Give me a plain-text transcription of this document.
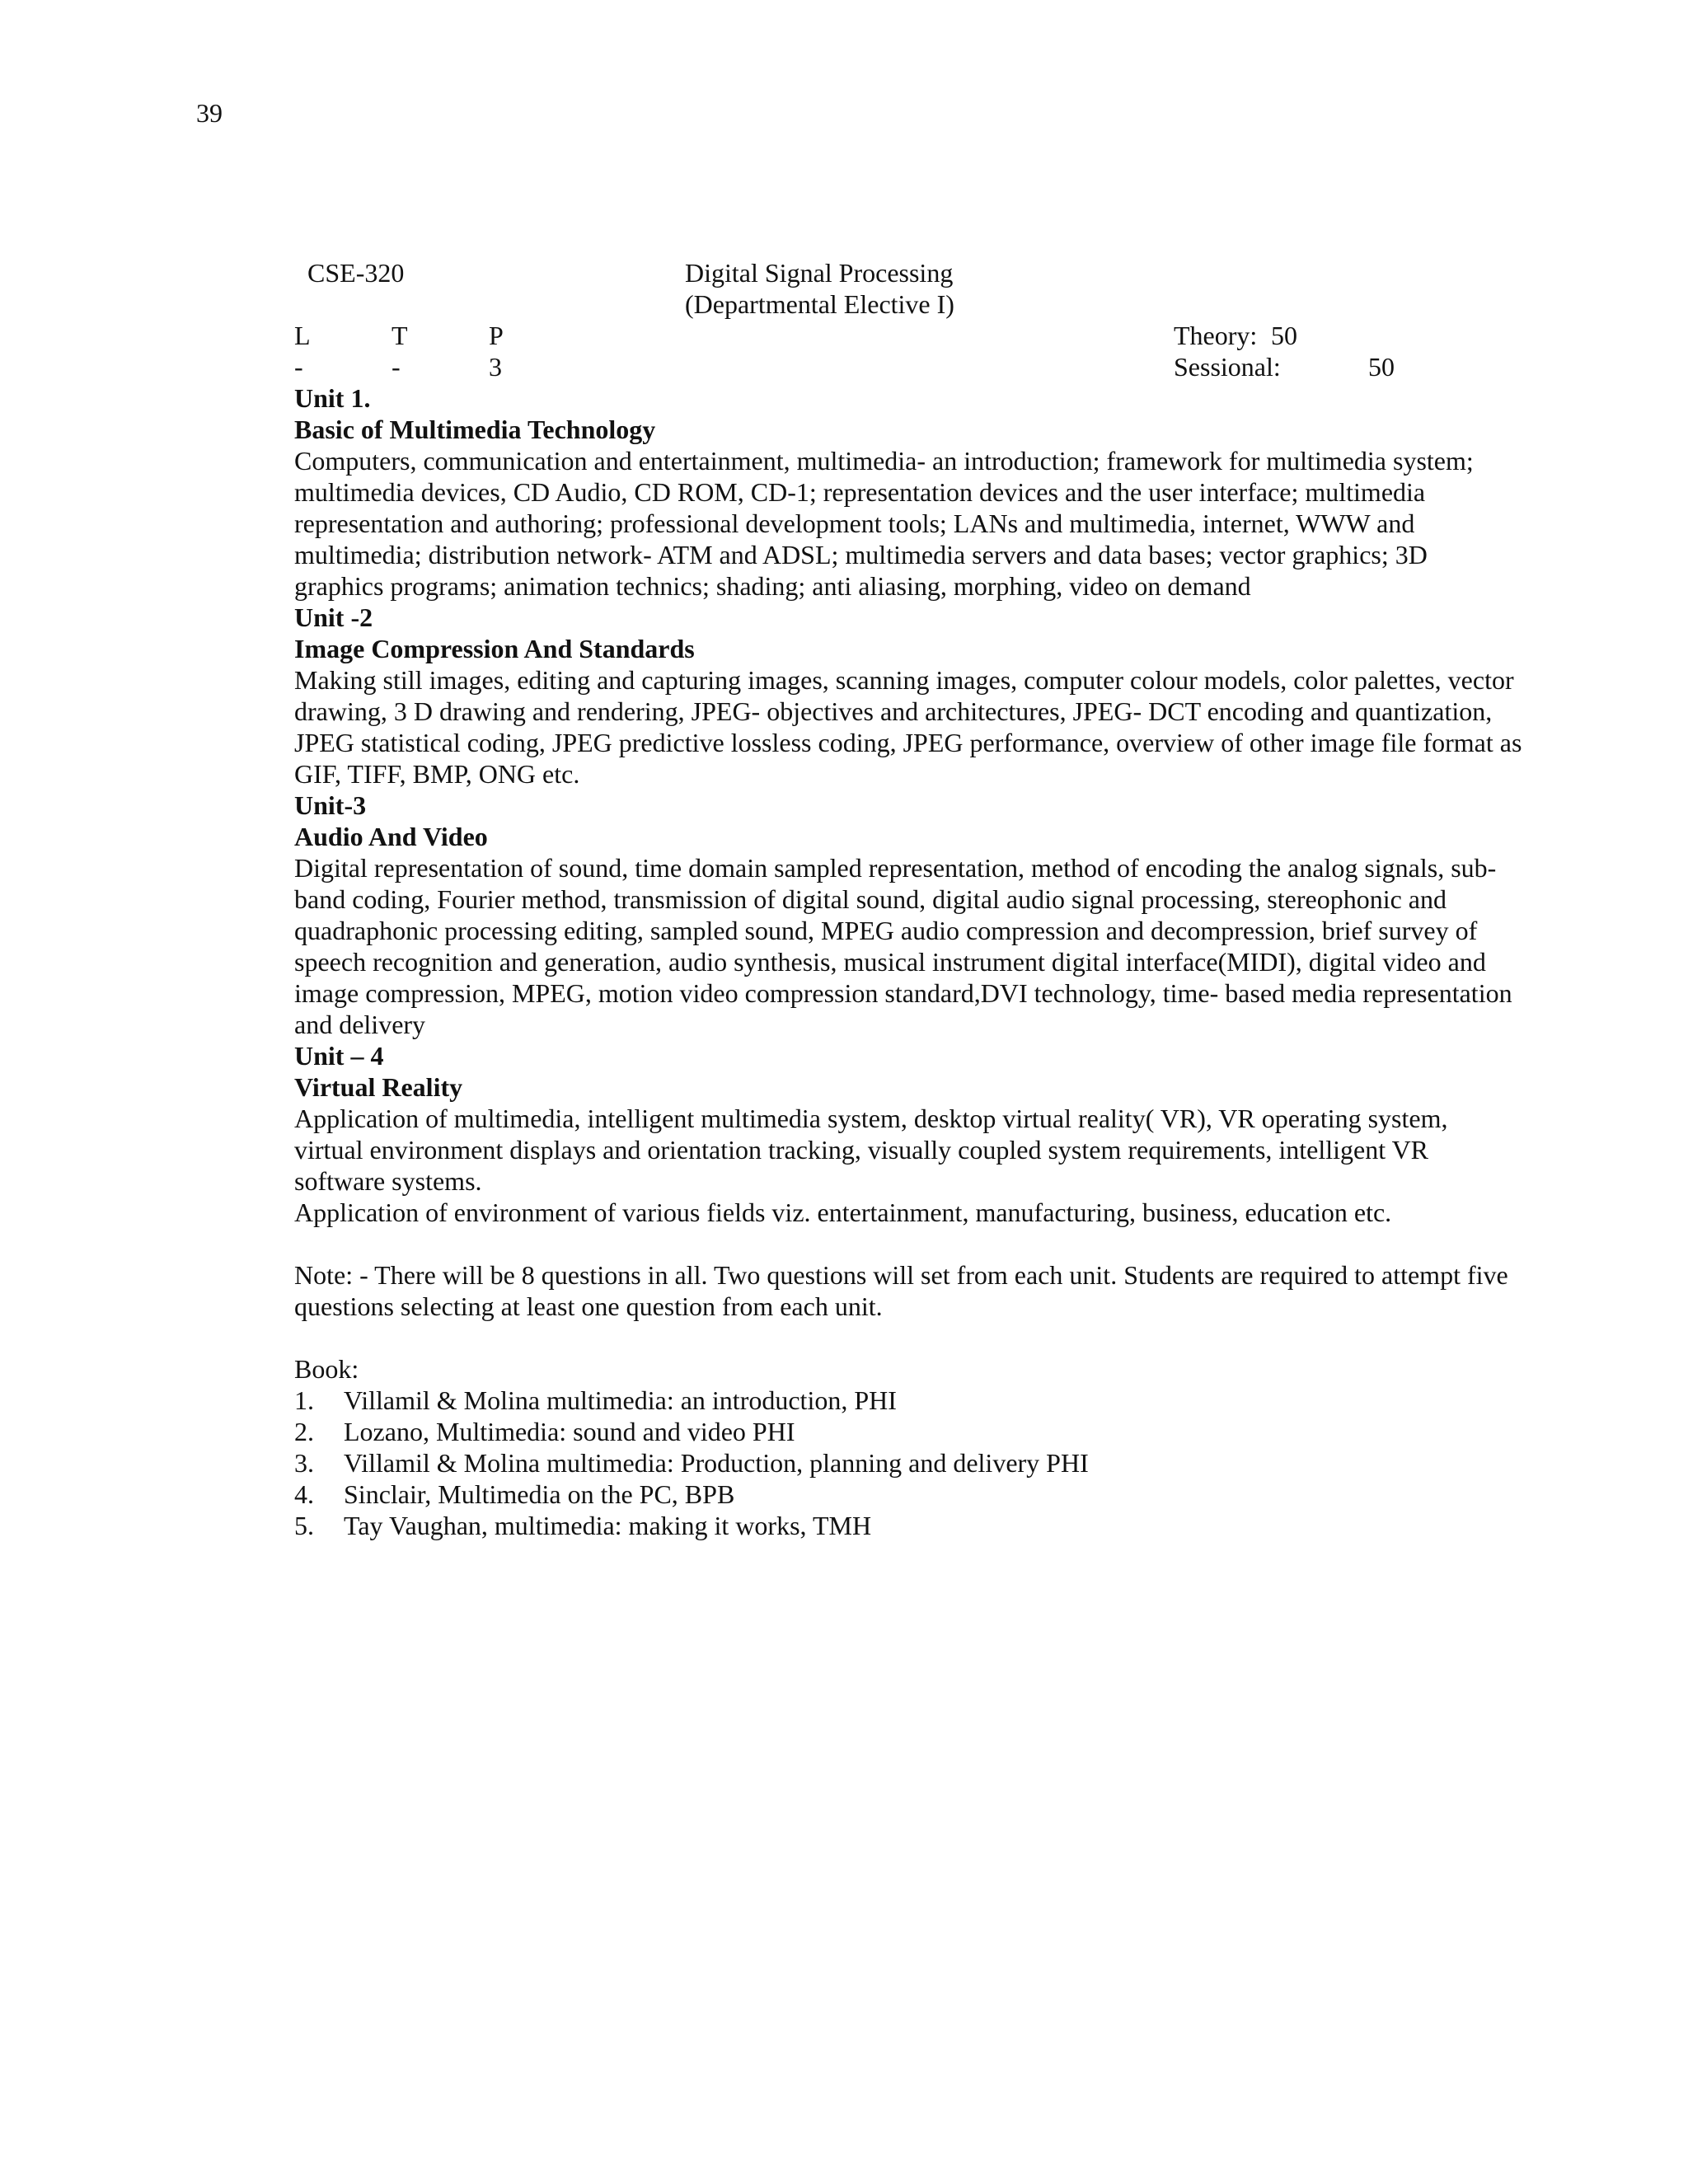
39
CSE-320	Digital Signal Processing
(Departmental Elective I)
L	T	P	Theory: 50
-	-	3	Sessional:	50
Unit 1.
Basic of Multimedia Technology

Computers, communication and entertainment, multimedia- an introduction; framework for multimedia system; multimedia devices, CD Audio, CD ROM, CD-1; representation devices and the user interface; multimedia representation and authoring; professional development tools; LANs and multimedia, internet, WWW and multimedia; distribution network- ATM and ADSL; multimedia servers and data bases; vector graphics; 3D graphics programs; animation technics; shading; anti aliasing, morphing, video on demand

Unit -2
Image Compression And Standards

Making still images, editing and capturing images, scanning images, computer colour models, color palettes, vector drawing, 3 D drawing and rendering, JPEG- objectives and architectures, JPEG- DCT encoding and quantization, JPEG statistical coding, JPEG predictive lossless coding, JPEG performance, overview of other image file format as GIF, TIFF, BMP, ONG etc.

Unit-3
Audio And Video

Digital representation of sound, time domain sampled representation, method of encoding the analog signals, sub-band coding, Fourier method, transmission of digital sound, digital audio signal processing, stereophonic and quadraphonic processing editing, sampled sound, MPEG audio compression and decompression, brief survey of speech recognition and generation, audio synthesis, musical instrument digital interface(MIDI), digital video and image compression, MPEG, motion video compression standard,DVI technology, time- based media representation and delivery

Unit – 4
Virtual Reality

Application of multimedia, intelligent multimedia system, desktop virtual reality( VR), VR operating system, virtual environment displays and orientation tracking, visually coupled system requirements, intelligent VR software systems.

Application of environment of various fields viz. entertainment, manufacturing, business, education etc.

Note: - There will be 8 questions in all. Two questions will set from each unit. Students are required to attempt five questions selecting at least one question from each unit.

Book:
1. Villamil & Molina multimedia: an introduction, PHI
2. Lozano, Multimedia: sound and video PHI
3. Villamil & Molina multimedia: Production, planning and delivery PHI
4. Sinclair, Multimedia on the PC, BPB
5. Tay Vaughan, multimedia: making it works, TMH
